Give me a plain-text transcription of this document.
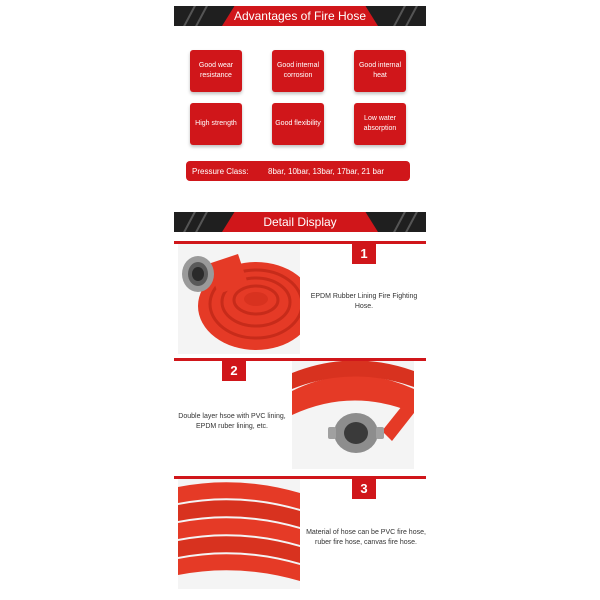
Advantages of Fire Hose
Good wear resistance
Good internal corrosion
Good internal heat
High strength	Good flexibility
Low water absorption
Pressure Class:	8bar, 10bar, 13bar, 17bar, 21 bar
Detail Display
1
EPDM Rubber Lining Fire Fighting Hose.
2
Double layer hsoe with PVC lining, EPDM ruber lining, etc.
3
Material of hose can be PVC fire hose, ruber fire hose, canvas fire hose.
